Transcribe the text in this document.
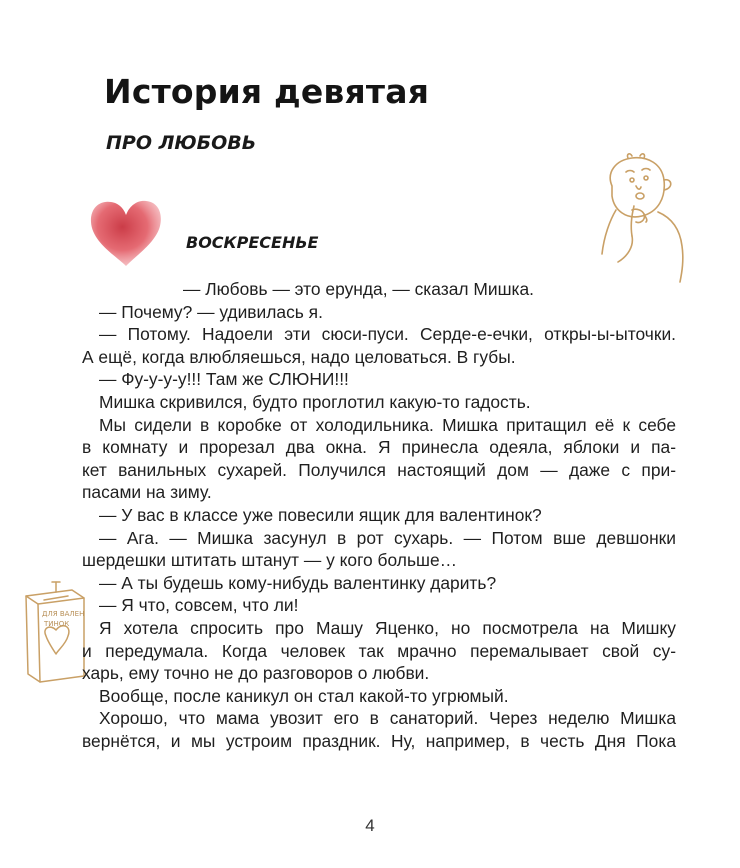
История девятая
ПРО ЛЮБОВЬ
ВОСКРЕСЕНЬЕ
ДЛЯ ВАЛЕН
ТИНОК
— Любовь — это ерунда, — сказал Мишка.
— Почему? — удивилась я.
— Потому. Надоели эти сюси-пуси. Серде-е-ечки, откры-ы-ыточки.
А ещё, когда влюбляешься, надо целоваться. В губы.
— Фу-у-у-у!!! Там же СЛЮНИ!!!
Мишка скривился, будто проглотил какую-то гадость.
Мы сидели в коробке от холодильника. Мишка притащил её к себе
в комнату и прорезал два окна. Я принесла одеяла, яблоки и па-
кет ванильных сухарей. Получился настоящий дом — даже с при-
пасами на зиму.
— У вас в классе уже повесили ящик для валентинок?
— Ага. — Мишка засунул в рот сухарь. — Потом вше девшонки
шердешки штитать штанут — у кого больше…
— А ты будешь кому-нибудь валентинку дарить?
— Я что, совсем, что ли!
Я хотела спросить про Машу Яценко, но посмотрела на Мишку
и передумала. Когда человек так мрачно перемалывает свой су-
харь, ему точно не до разговоров о любви.
Вообще, после каникул он стал какой-то угрюмый.
Хорошо, что мама увозит его в санаторий. Через неделю Мишка
вернётся, и мы устроим праздник. Ну, например, в честь Дня Пока
4
